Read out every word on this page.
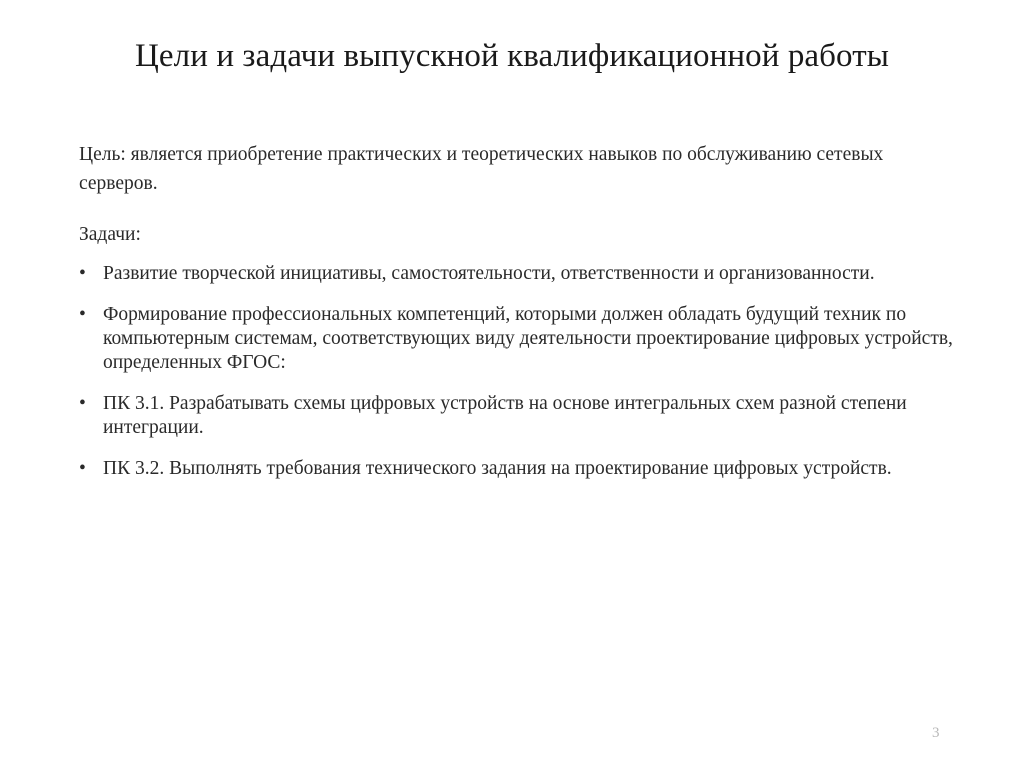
Цели и задачи выпускной квалификационной работы
Цель: является приобретение практических и теоретических навыков по обслуживанию сетевых серверов.
Задачи:
• Развитие творческой инициативы, самостоятельности, ответственности и организованности.
• Формирование профессиональных компетенций, которыми должен обладать будущий техник по компьютерным системам, соответствующих виду деятельности проектирование цифровых устройств, определенных ФГОС:
• ПК 3.1. Разрабатывать схемы цифровых устройств на основе интегральных схем разной степени интеграции.
• ПК 3.2. Выполнять требования технического задания на проектирование цифровых устройств.
3
